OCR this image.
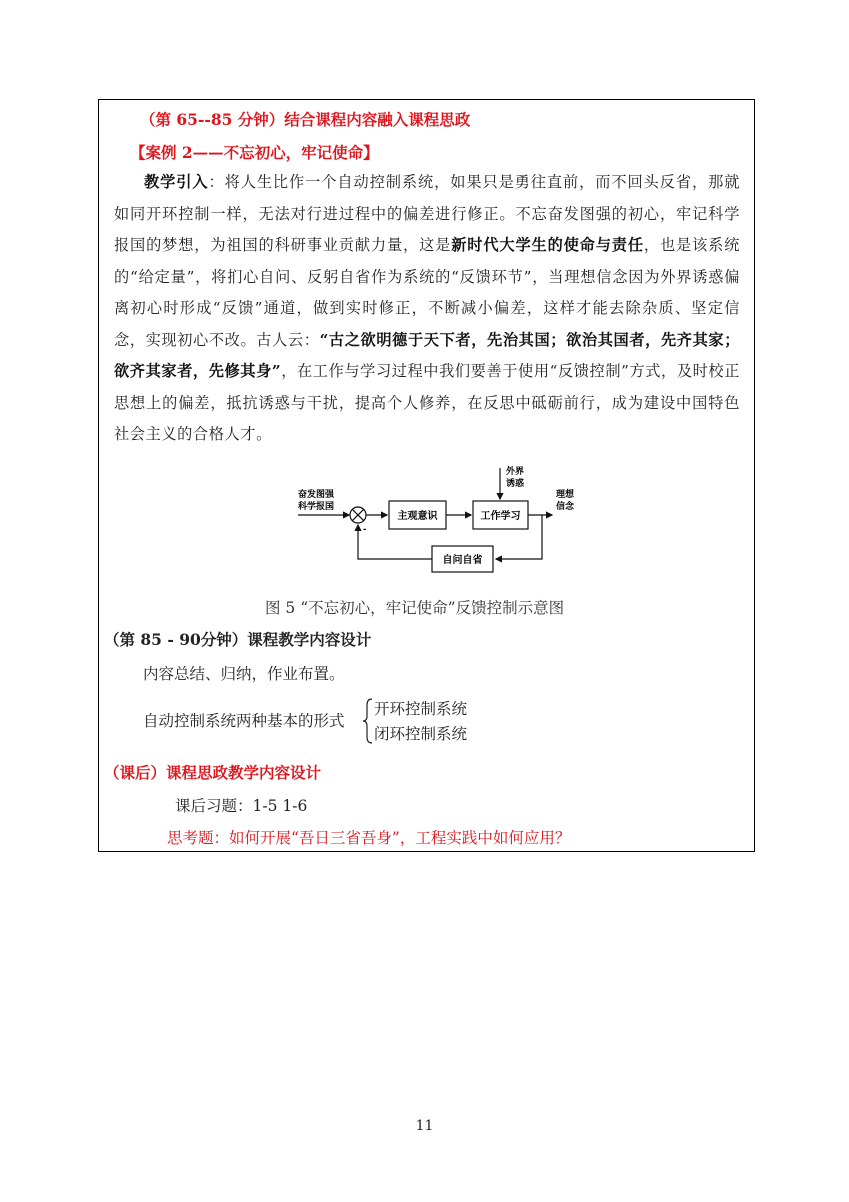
（第 65--85 分钟）结合课程内容融入课程思政
【案例 2——不忘初心，牢记使命】
教学引入：将人生比作一个自动控制系统，如果只是勇往直前，而不回头反省，那就如同开环控制一样，无法对行进过程中的偏差进行修正。不忘奋发图强的初心，牢记科学报国的梦想，为祖国的科研事业贡献力量，这是新时代大学生的使命与责任，也是该系统的“给定量”，将扪心自问、反躬自省作为系统的“反馈环节”，当理想信念因为外界诱惑偏离初心时形成“反馈”通道，做到实时修正，不断减小偏差，这样才能去除杂质、坚定信念，实现初心不改。古人云：“古之欲明德于天下者，先治其国；欲治其国者，先齐其家；欲齐其家者，先修其身”，在工作与学习过程中我们要善于使用“反馈控制”方式，及时校正思想上的偏差，抵抗诱惑与干扰，提高个人修养，在反思中砥砺前行，成为建设中国特色社会主义的合格人才。
奋发图强
科学报国
-
主观意识	工作学习
外界
诱惑
理想
信念
自问自省
图 5 “不忘初心，牢记使命”反馈控制示意图
（第 85 - 90分钟）课程教学内容设计
内容总结、归纳，作业布置。
自动控制系统两种基本的形式
开环控制系统
闭环控制系统
（课后）课程思政教学内容设计
课后习题：1-5 1-6
思考题：如何开展“吾日三省吾身”，工程实践中如何应用？
11
